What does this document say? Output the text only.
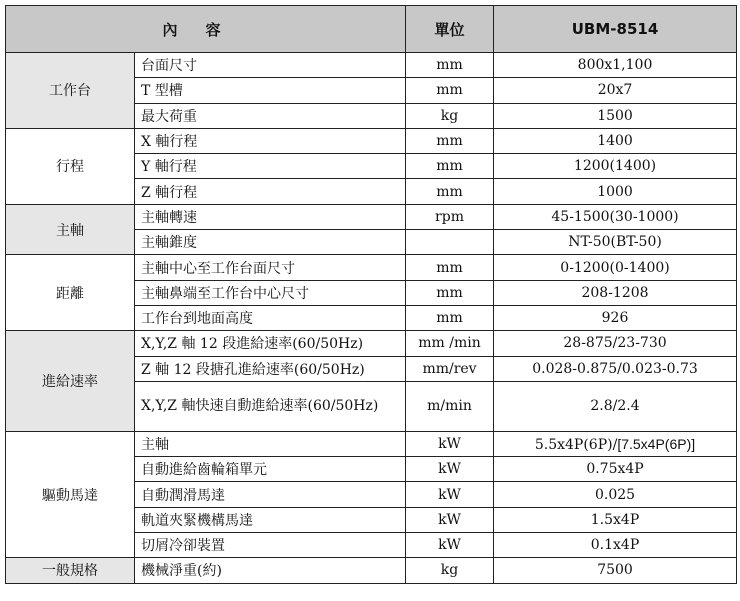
內容		單位	UBM-8514
工作台	台面尺寸	mm	800x1,100
	T 型槽	mm	20x7
	最大荷重	kg	1500
行程	X 軸行程	mm	1400
	Y 軸行程	mm	1200(1400)
	Z 軸行程	mm	1000
主軸	主軸轉速	rpm	45-1500(30-1000)
	主軸錐度		NT-50(BT-50)
距離	主軸中心至工作台面尺寸	mm	0-1200(0-1400)
	主軸鼻端至工作台中心尺寸	mm	208-1208
	工作台到地面高度	mm	926
進給速率	X,Y,Z 軸 12 段進給速率(60/50Hz)	mm /min	28-875/23-730
	Z 軸 12 段搪孔進給速率(60/50Hz)	mm/rev	0.028-0.875/0.023-0.73
	X,Y,Z 軸快速自動進給速率(60/50Hz)	m/min	2.8/2.4
驅動馬達	主軸	kW	5.5x4P(6P)/[7.5x4P(6P)]
	自動進給齒輪箱單元	kW	0.75x4P
	自動潤滑馬達	kW	0.025
	軌道夾緊機構馬達	kW	1.5x4P
	切屑冷卻裝置	kW	0.1x4P
一般規格	機械淨重(約)	kg	7500
